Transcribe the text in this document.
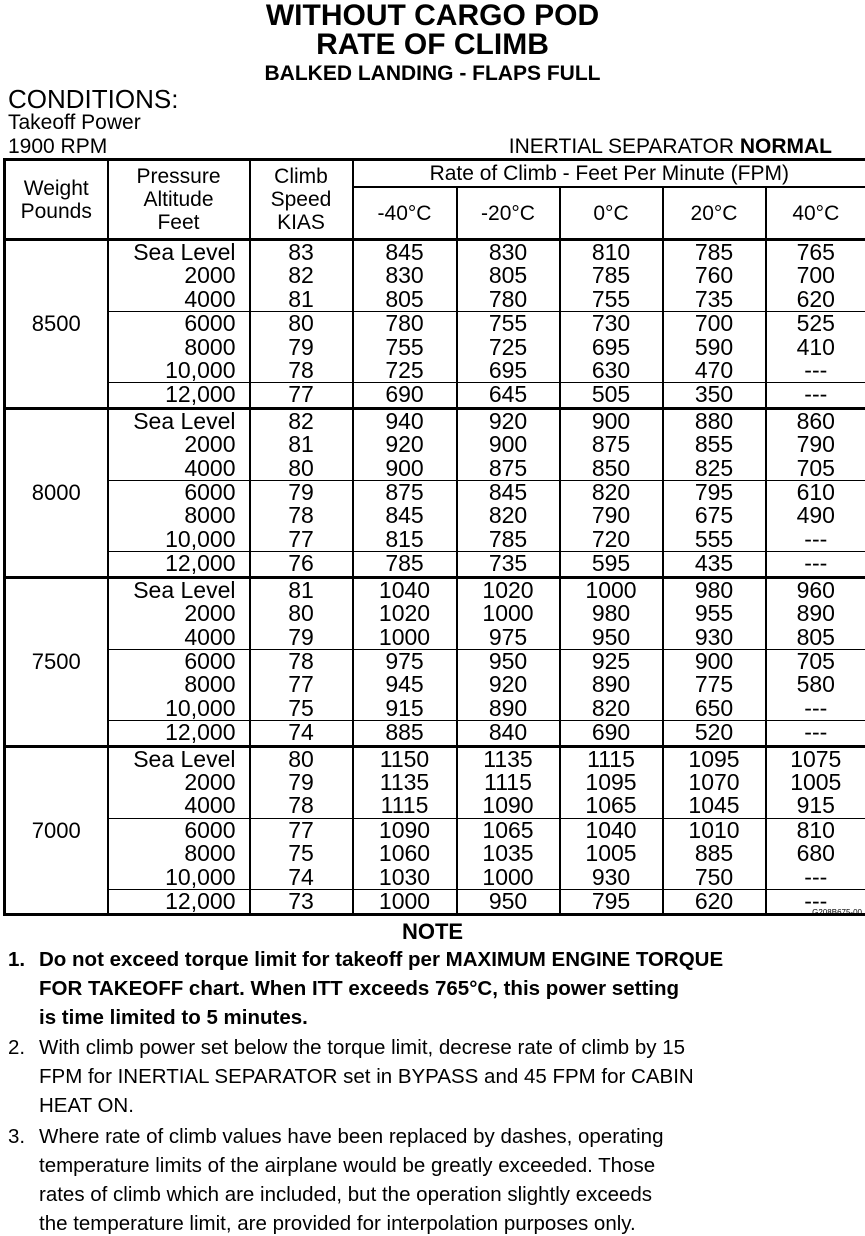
WITHOUT CARGO POD
RATE OF CLIMB
BALKED LANDING - FLAPS FULL
CONDITIONS:
Takeoff Power
1900 RPM	INERTIAL SEPARATOR NORMAL
Weight
Pounds	Pressure
Altitude
Feet	Climb
Speed
KIAS	Rate of Climb - Feet Per Minute (FPM)				
			-40°C	-20°C	0°C	20°C	40°C
8500	Sea Level	83	845	830	810	785	765
	2000	82	830	805	785	760	700
	4000	81	805	780	755	735	620
	6000	80	780	755	730	700	525
	8000	79	755	725	695	590	410
	10,000	78	725	695	630	470	---
	12,000	77	690	645	505	350	---
8000	Sea Level	82	940	920	900	880	860
	2000	81	920	900	875	855	790
	4000	80	900	875	850	825	705
	6000	79	875	845	820	795	610
	8000	78	845	820	790	675	490
	10,000	77	815	785	720	555	---
	12,000	76	785	735	595	435	---
7500	Sea Level	81	1040	1020	1000	980	960
	2000	80	1020	1000	980	955	890
	4000	79	1000	975	950	930	805
	6000	78	975	950	925	900	705
	8000	77	945	920	890	775	580
	10,000	75	915	890	820	650	---
	12,000	74	885	840	690	520	---
7000	Sea Level	80	1150	1135	1115	1095	1075
	2000	79	1135	1115	1095	1070	1005
	4000	78	1115	1090	1065	1045	915
	6000	77	1090	1065	1040	1010	810
	8000	75	1060	1035	1005	885	680
	10,000	74	1030	1000	930	750	---
	12,000	73	1000	950	795	620	---
G208B675-00
NOTE
1. Do not exceed torque limit for takeoff per MAXIMUM ENGINE TORQUE
FOR TAKEOFF chart. When ITT exceeds 765°C, this power setting
is time limited to 5 minutes.
2. With climb power set below the torque limit, decrese rate of climb by 15
FPM for INERTIAL SEPARATOR set in BYPASS and 45 FPM for CABIN
HEAT ON.
3. Where rate of climb values have been replaced by dashes, operating
temperature limits of the airplane would be greatly exceeded. Those
rates of climb which are included, but the operation slightly exceeds
the temperature limit, are provided for interpolation purposes only.
